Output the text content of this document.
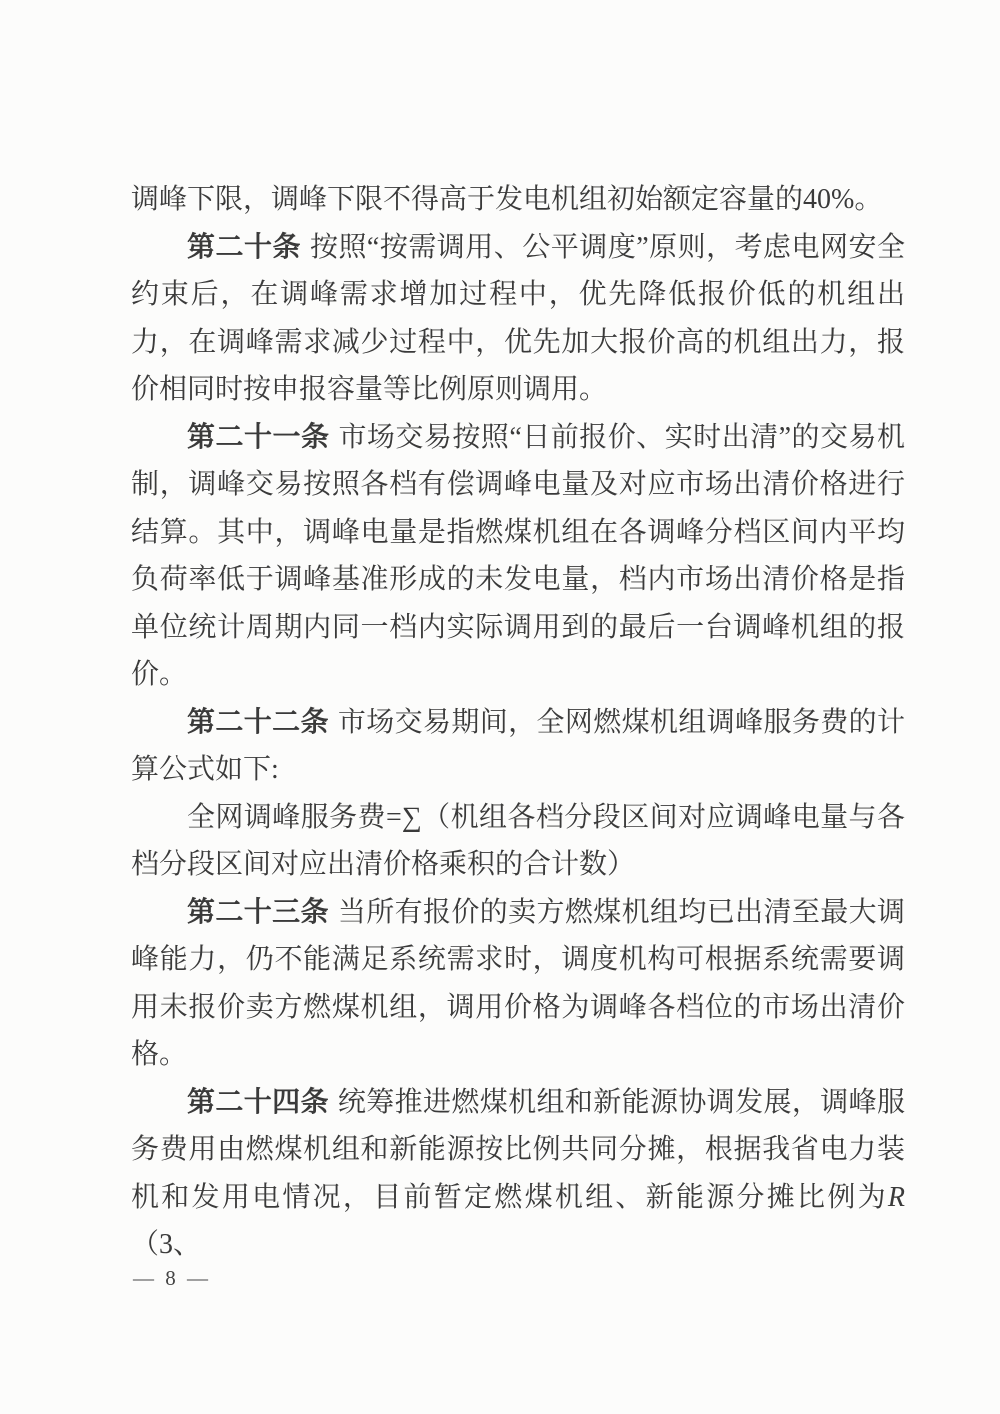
调峰下限，调峰下限不得高于发电机组初始额定容量的40%。

第二十条 按照“按需调用、公平调度”原则，考虑电网安全约束后，在调峰需求增加过程中，优先降低报价低的机组出力，在调峰需求减少过程中，优先加大报价高的机组出力，报价相同时按申报容量等比例原则调用。

第二十一条 市场交易按照“日前报价、实时出清”的交易机制，调峰交易按照各档有偿调峰电量及对应市场出清价格进行结算。其中，调峰电量是指燃煤机组在各调峰分档区间内平均负荷率低于调峰基准形成的未发电量，档内市场出清价格是指单位统计周期内同一档内实际调用到的最后一台调峰机组的报价。

第二十二条 市场交易期间，全网燃煤机组调峰服务费的计算公式如下:

全网调峰服务费=∑（机组各档分段区间对应调峰电量与各档分段区间对应出清价格乘积的合计数）

第二十三条 当所有报价的卖方燃煤机组均已出清至最大调峰能力，仍不能满足系统需求时，调度机构可根据系统需要调用未报价卖方燃煤机组，调用价格为调峰各档位的市场出清价格。

第二十四条 统筹推进燃煤机组和新能源协调发展，调峰服务费用由燃煤机组和新能源按比例共同分摊，根据我省电力装机和发用电情况，目前暂定燃煤机组、新能源分摊比例为R（3、

— 8 —
